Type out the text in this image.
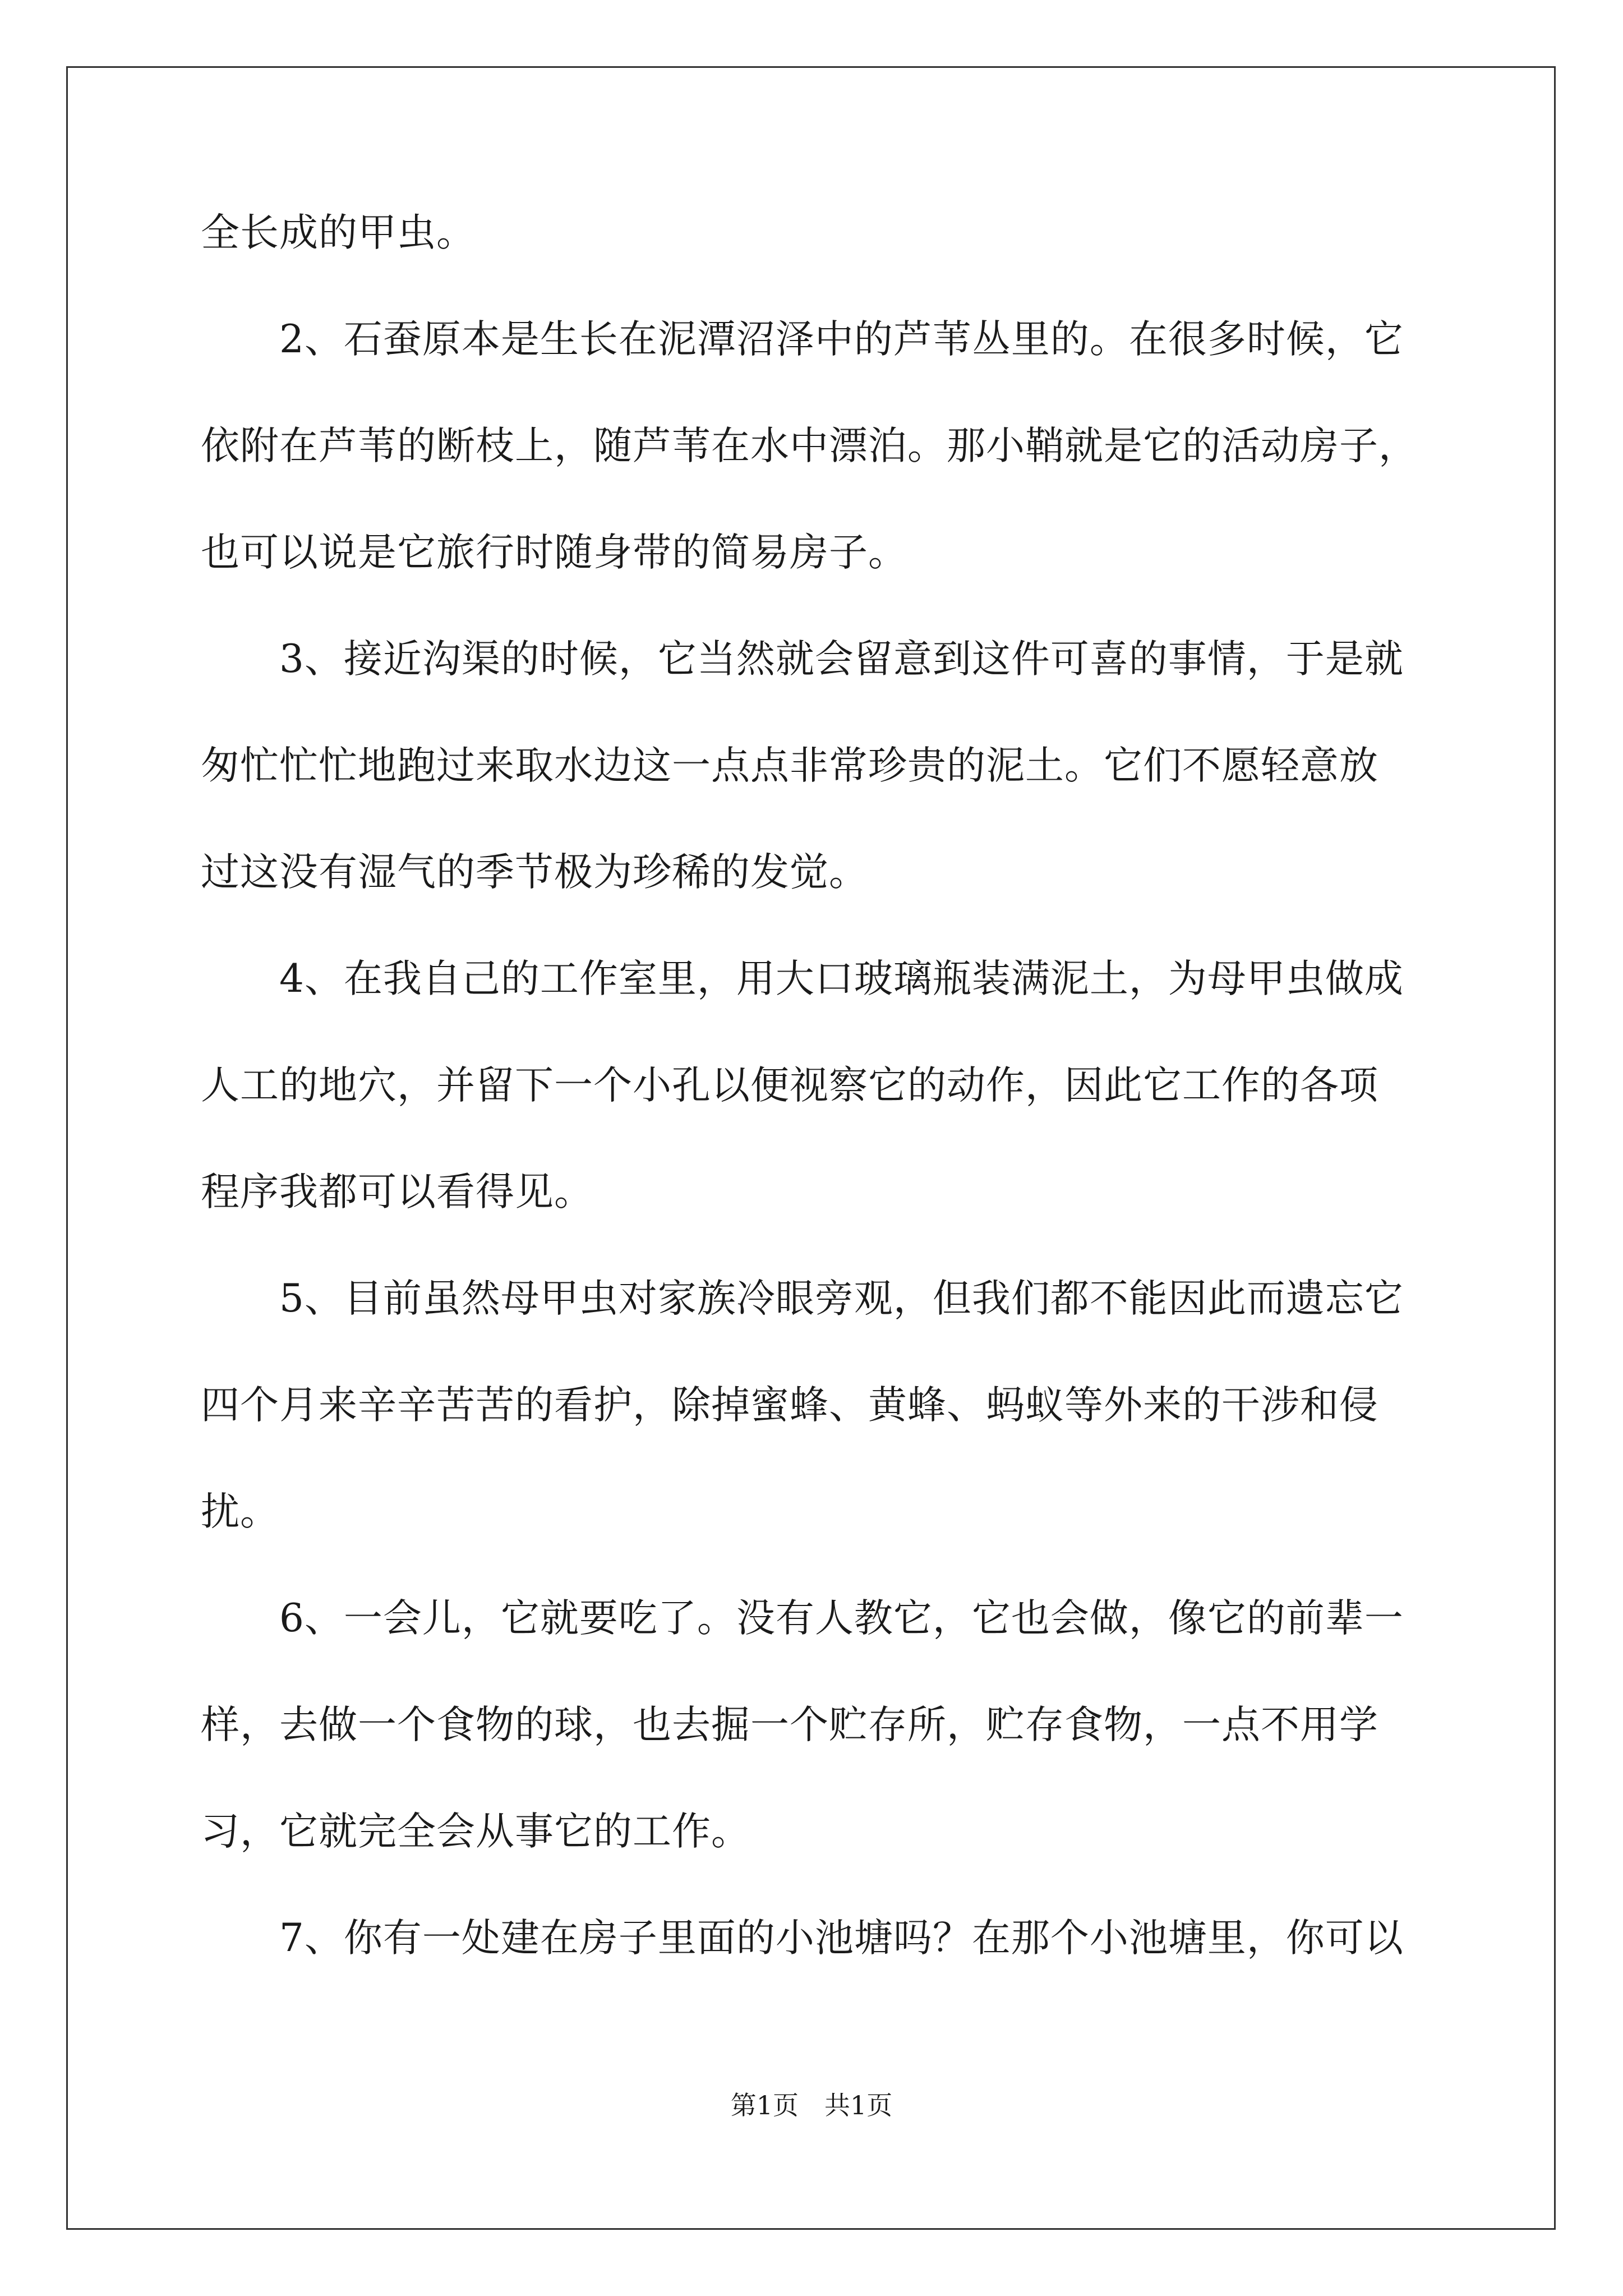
全长成的甲虫。
　　2、石蚕原本是生长在泥潭沼泽中的芦苇丛里的。在很多时候，它
依附在芦苇的断枝上，随芦苇在水中漂泊。那小鞘就是它的活动房子，
也可以说是它旅行时随身带的简易房子。
　　3、接近沟渠的时候，它当然就会留意到这件可喜的事情，于是就
匆忙忙忙地跑过来取水边这一点点非常珍贵的泥土。它们不愿轻意放
过这没有湿气的季节极为珍稀的发觉。
　　4、在我自己的工作室里，用大口玻璃瓶装满泥土，为母甲虫做成
人工的地穴，并留下一个小孔以便视察它的动作，因此它工作的各项
程序我都可以看得见。
　　5、目前虽然母甲虫对家族冷眼旁观，但我们都不能因此而遗忘它
四个月来辛辛苦苦的看护，除掉蜜蜂、黄蜂、蚂蚁等外来的干涉和侵
扰。
　　6、一会儿，它就要吃了。没有人教它，它也会做，像它的前辈一
样，去做一个食物的球，也去掘一个贮存所，贮存食物，一点不用学
习，它就完全会从事它的工作。
　　7、你有一处建在房子里面的小池塘吗？在那个小池塘里，你可以
第1页　共1页
